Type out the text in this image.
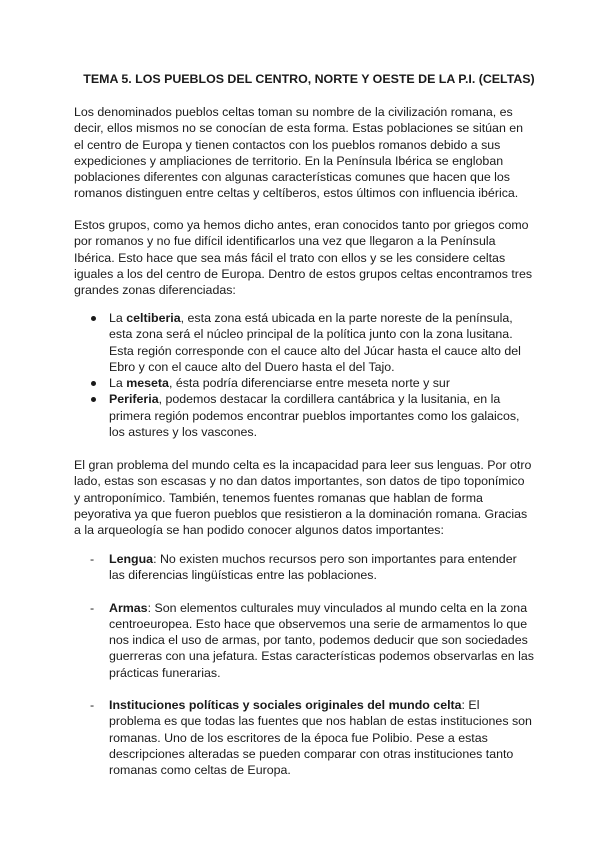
TEMA 5. LOS PUEBLOS DEL CENTRO, NORTE Y OESTE DE LA P.I. (CELTAS)

Los denominados pueblos celtas toman su nombre de la civilización romana, es decir, ellos mismos no se conocían de esta forma. Estas poblaciones se sitúan en el centro de Europa y tienen contactos con los pueblos romanos debido a sus expediciones y ampliaciones de territorio. En la Península Ibérica se engloban poblaciones diferentes con algunas características comunes que hacen que los romanos distinguen entre celtas y celtíberos, estos últimos con influencia ibérica.

Estos grupos, como ya hemos dicho antes, eran conocidos tanto por griegos como por romanos y no fue difícil identificarlos una vez que llegaron a la Península Ibérica. Esto hace que sea más fácil el trato con ellos y se les considere celtas iguales a los del centro de Europa. Dentro de estos grupos celtas encontramos tres grandes zonas diferenciadas:

La celtiberia, esta zona está ubicada en la parte noreste de la península, esta zona será el núcleo principal de la política junto con la zona lusitana. Esta región corresponde con el cauce alto del Júcar hasta el cauce alto del Ebro y con el cauce alto del Duero hasta el del Tajo.
La meseta, ésta podría diferenciarse entre meseta norte y sur
Periferia, podemos destacar la cordillera cantábrica y la lusitania, en la primera región podemos encontrar pueblos importantes como los galaicos, los astures y los vascones.

El gran problema del mundo celta es la incapacidad para leer sus lenguas. Por otro lado, estas son escasas y no dan datos importantes, son datos de tipo toponímico y antroponímico. También, tenemos fuentes romanas que hablan de forma peyorativa ya que fueron pueblos que resistieron a la dominación romana. Gracias a la arqueología se han podido conocer algunos datos importantes:

- Lengua: No existen muchos recursos pero son importantes para entender las diferencias lingüísticas entre las poblaciones.
- Armas: Son elementos culturales muy vinculados al mundo celta en la zona centroeuropea. Esto hace que observemos una serie de armamentos lo que nos indica el uso de armas, por tanto, podemos deducir que son sociedades guerreras con una jefatura. Estas características podemos observarlas en las prácticas funerarias.
- Instituciones políticas y sociales originales del mundo celta: El problema es que todas las fuentes que nos hablan de estas instituciones son romanas. Uno de los escritores de la época fue Polibio. Pese a estas descripciones alteradas se pueden comparar con otras instituciones tanto romanas como celtas de Europa.
